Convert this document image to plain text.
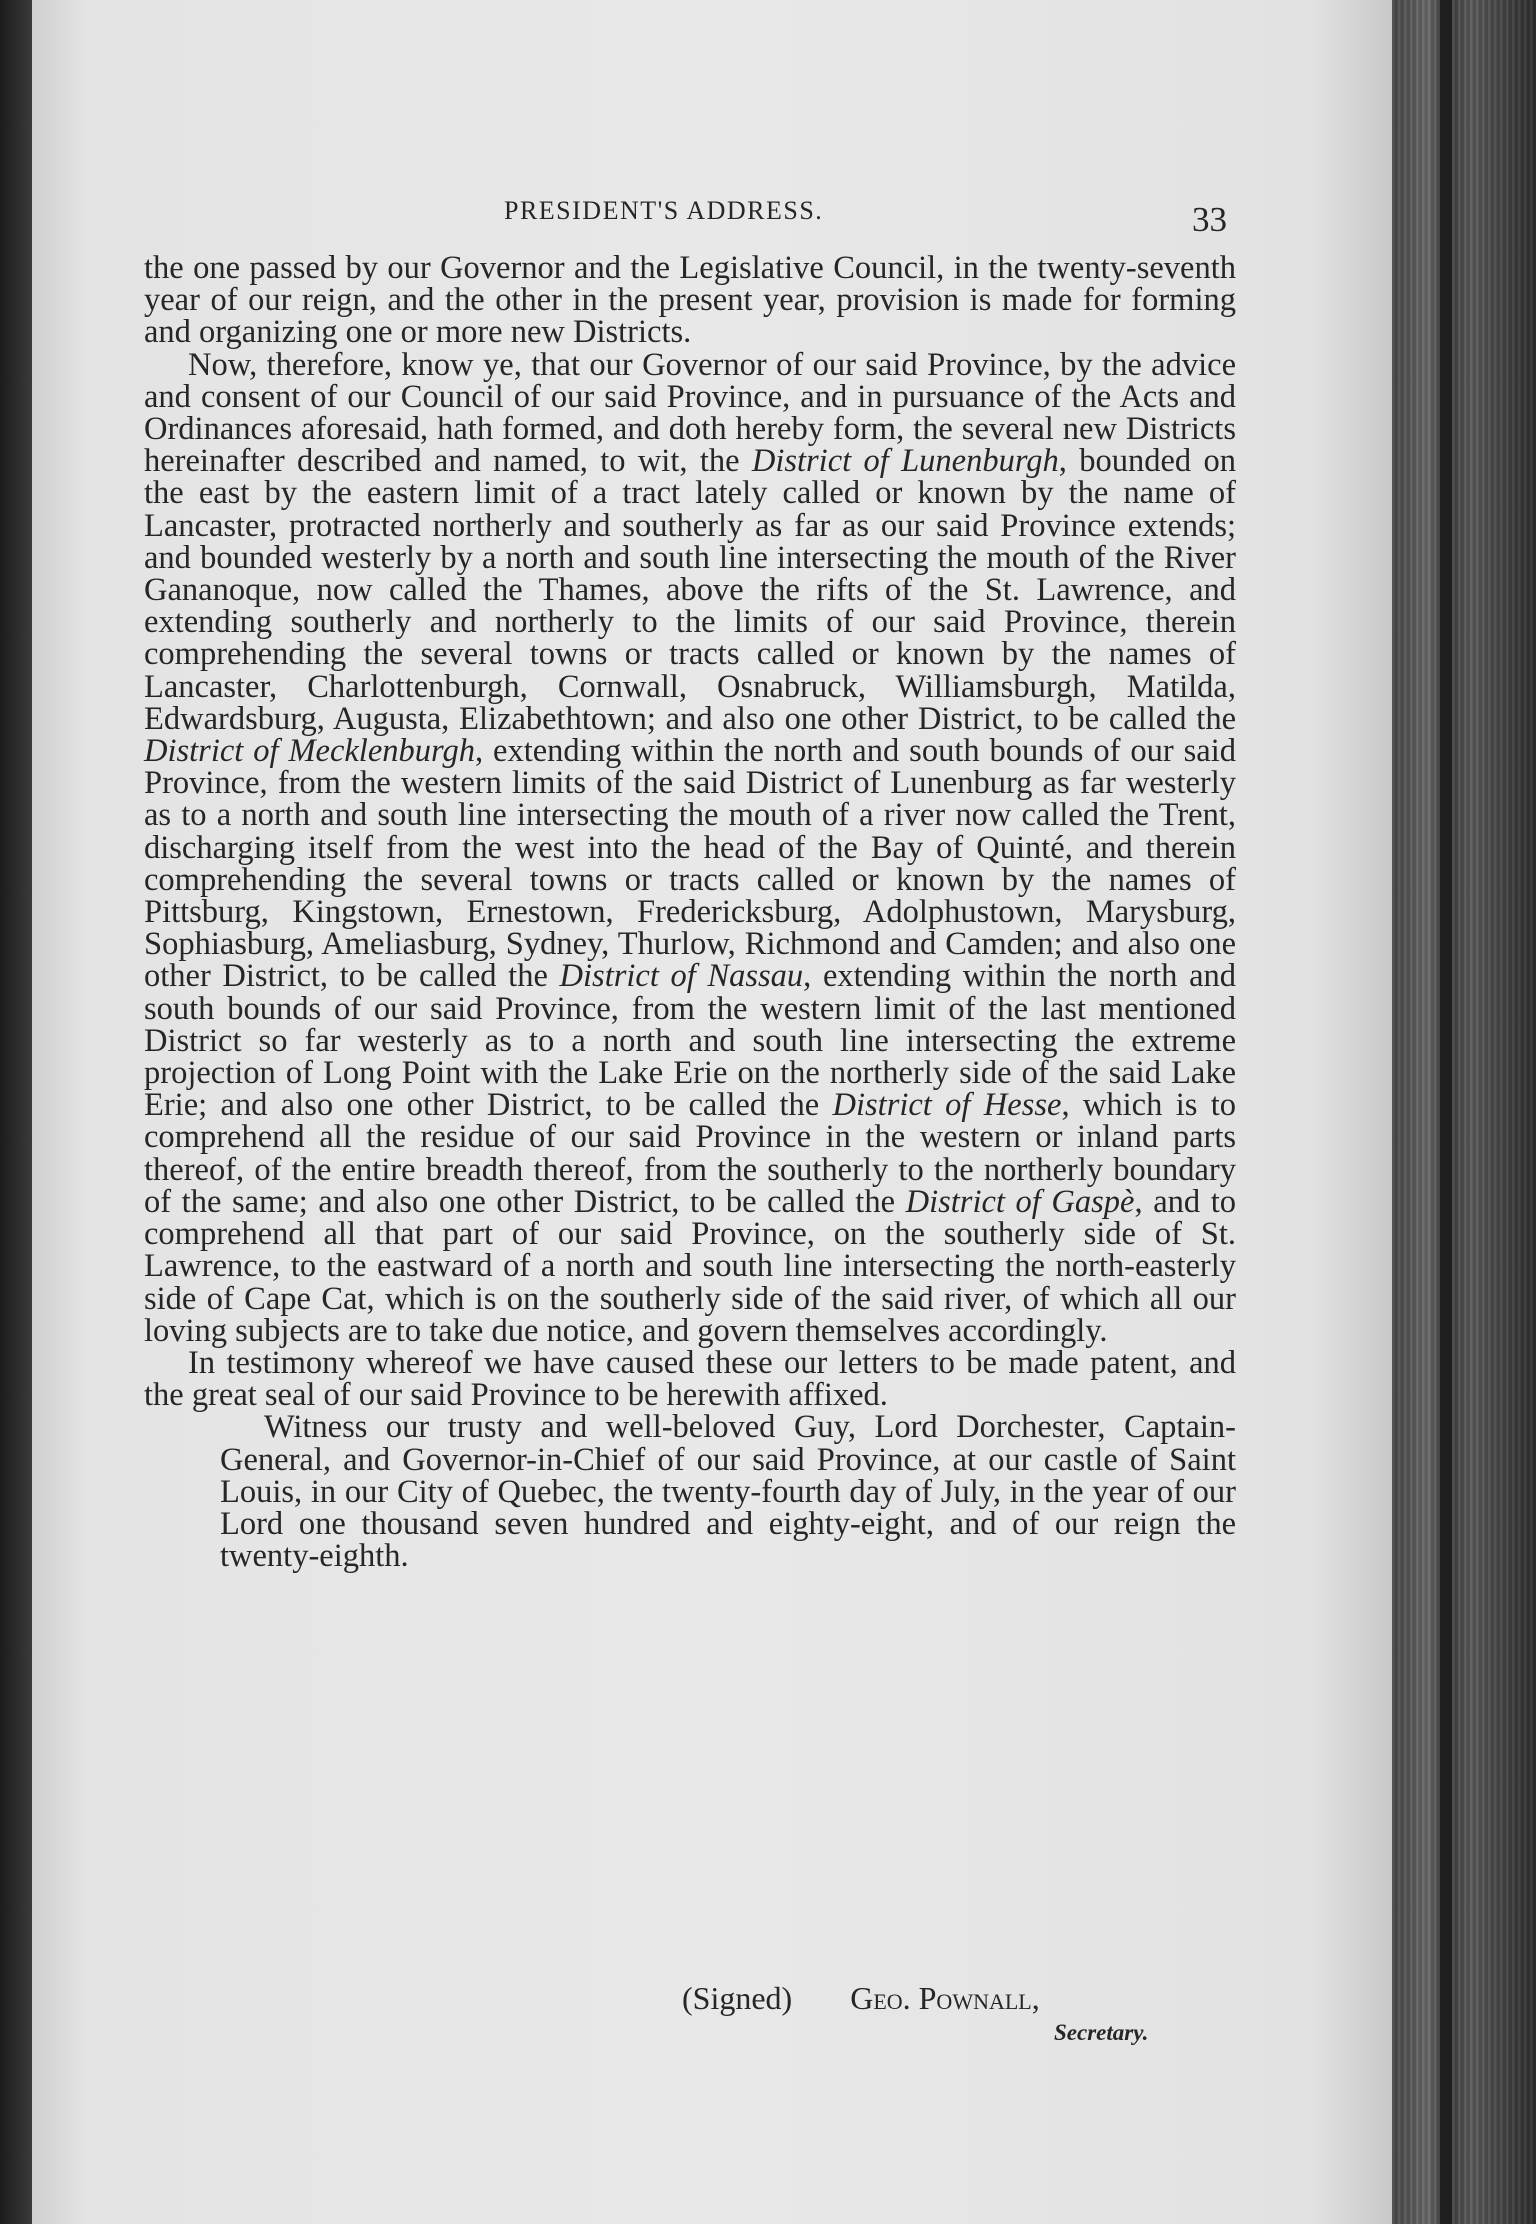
PRESIDENT'S ADDRESS.	33

the one passed by our Governor and the Legislative Council, in the twenty-seventh year of our reign, and the other in the present year, provision is made for forming and organizing one or more new Districts.

Now, therefore, know ye, that our Governor of our said Province, by the advice and consent of our Council of our said Province, and in pursuance of the Acts and Ordinances aforesaid, hath formed, and doth hereby form, the several new Districts hereinafter described and named, to wit, the District of Lunenburgh, bounded on the east by the eastern limit of a tract lately called or known by the name of Lancaster, protracted northerly and southerly as far as our said Province extends; and bounded westerly by a north and south line intersecting the mouth of the River Gananoque, now called the Thames, above the rifts of the St. Lawrence, and extending southerly and northerly to the limits of our said Province, therein comprehending the several towns or tracts called or known by the names of Lancaster, Charlottenburgh, Cornwall, Osnabruck, Williamsburgh, Matilda, Edwardsburg, Augusta, Elizabethtown; and also one other District, to be called the District of Mecklenburgh, extending within the north and south bounds of our said Province, from the western limits of the said District of Lunenburg as far westerly as to a north and south line intersecting the mouth of a river now called the Trent, discharging itself from the west into the head of the Bay of Quinté, and therein comprehending the several towns or tracts called or known by the names of Pittsburg, Kingstown, Ernestown, Fredericksburg, Adolphustown, Marysburg, Sophiasburg, Ameliasburg, Sydney, Thurlow, Richmond and Camden; and also one other District, to be called the District of Nassau, extending within the north and south bounds of our said Province, from the western limit of the last mentioned District so far westerly as to a north and south line intersecting the extreme projection of Long Point with the Lake Erie on the northerly side of the said Lake Erie; and also one other District, to be called the District of Hesse, which is to comprehend all the residue of our said Province in the western or inland parts thereof, of the entire breadth thereof, from the southerly to the northerly boundary of the same; and also one other District, to be called the District of Gaspè, and to comprehend all that part of our said Province, on the southerly side of St. Lawrence, to the eastward of a north and south line intersecting the north-easterly side of Cape Cat, which is on the southerly side of the said river, of which all our loving subjects are to take due notice, and govern themselves accordingly.

In testimony whereof we have caused these our letters to be made patent, and the great seal of our said Province to be herewith affixed.

Witness our trusty and well-beloved Guy, Lord Dorchester, Captain-General, and Governor-in-Chief of our said Province, at our castle of Saint Louis, in our City of Quebec, the twenty-fourth day of July, in the year of our Lord one thousand seven hundred and eighty-eight, and of our reign the twenty-eighth.

(Signed) Geo. Pownall,
Secretary.
